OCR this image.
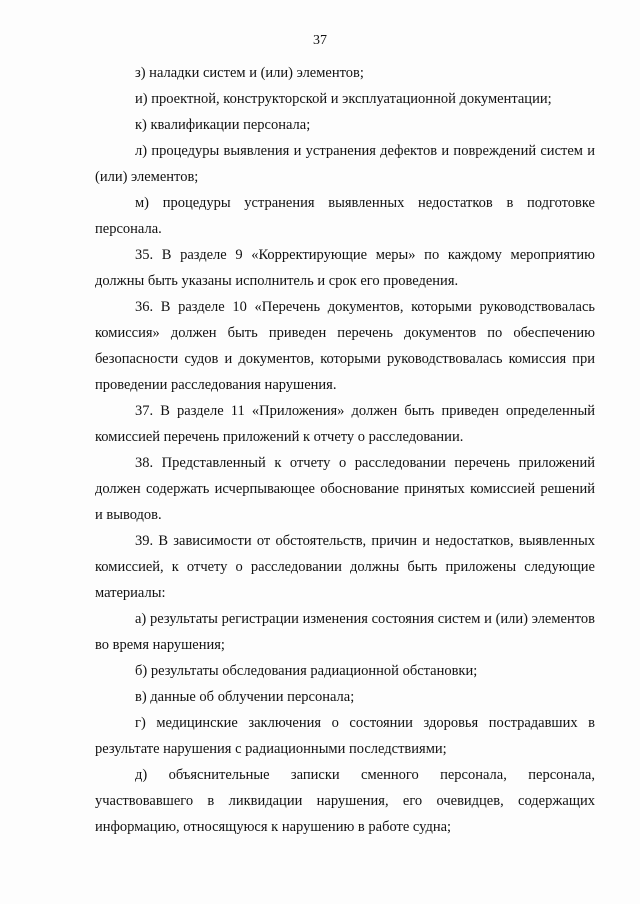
37

з) наладки систем и (или) элементов;

и) проектной, конструкторской и эксплуатационной документации;

к) квалификации персонала;

л) процедуры выявления и устранения дефектов и повреждений систем и (или) элементов;

м) процедуры устранения выявленных недостатков в подготовке персонала.

35. В разделе 9 «Корректирующие меры» по каждому мероприятию должны быть указаны исполнитель и срок его проведения.

36. В разделе 10 «Перечень документов, которыми руководствовалась комиссия» должен быть приведен перечень документов по обеспечению безопасности судов и документов, которыми руководствовалась комиссия при проведении расследования нарушения.

37. В разделе 11 «Приложения» должен быть приведен определенный комиссией перечень приложений к отчету о расследовании.

38. Представленный к отчету о расследовании перечень приложений должен содержать исчерпывающее обоснование принятых комиссией решений и выводов.

39. В зависимости от обстоятельств, причин и недостатков, выявленных комиссией, к отчету о расследовании должны быть приложены следующие материалы:

а) результаты регистрации изменения состояния систем и (или) элементов во время нарушения;

б) результаты обследования радиационной обстановки;

в) данные об облучении персонала;

г) медицинские заключения о состоянии здоровья пострадавших в результате нарушения с радиационными последствиями;

д) объяснительные записки сменного персонала, персонала, участвовавшего в ликвидации нарушения, его очевидцев, содержащих информацию, относящуюся к нарушению в работе судна;
